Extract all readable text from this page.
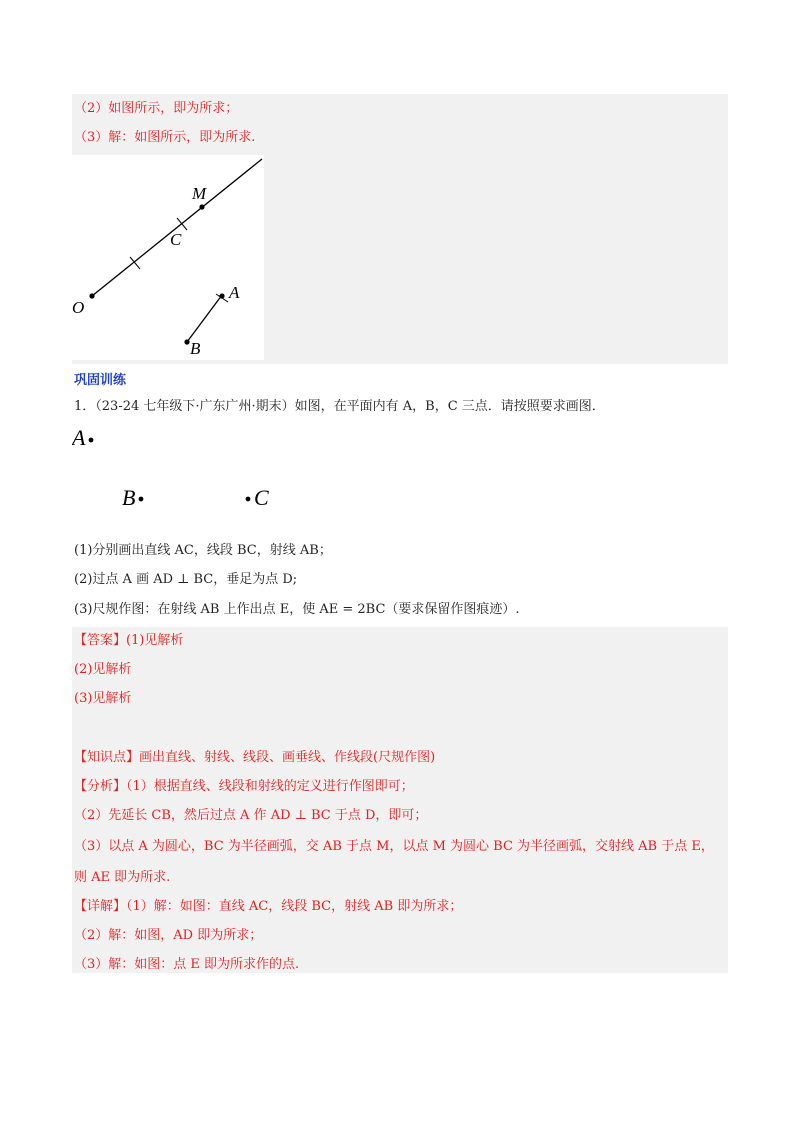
（2）如图所示，即为所求；
（3）解：如图所示，即为所求.
M
C
O
A
B
巩固训练
1．（23-24 七年级下·广东广州·期末）如图，在平面内有 A，B，C 三点．请按照要求画图．
A
B	C
(1)分别画出直线 AC，线段 BC，射线 AB；
(2)过点 A 画 AD ⊥ BC，垂足为点 D;
(3)尺规作图：在射线 AB 上作出点 E，使 AE = 2BC（要求保留作图痕迹）.
【答案】(1)见解析
(2)见解析
(3)见解析
【知识点】画出直线、射线、线段、画垂线、作线段(尺规作图)
【分析】（1）根据直线、线段和射线的定义进行作图即可；
（2）先延长 CB，然后过点 A 作 AD ⊥ BC 于点 D，即可；
（3）以点 A 为圆心，BC 为半径画弧，交 AB 于点 M，以点 M 为圆心 BC 为半径画弧，交射线 AB 于点 E，
则 AE 即为所求.
【详解】（1）解：如图：直线 AC，线段 BC，射线 AB 即为所求；
（2）解：如图，AD 即为所求；
（3）解：如图：点 E 即为所求作的点.
